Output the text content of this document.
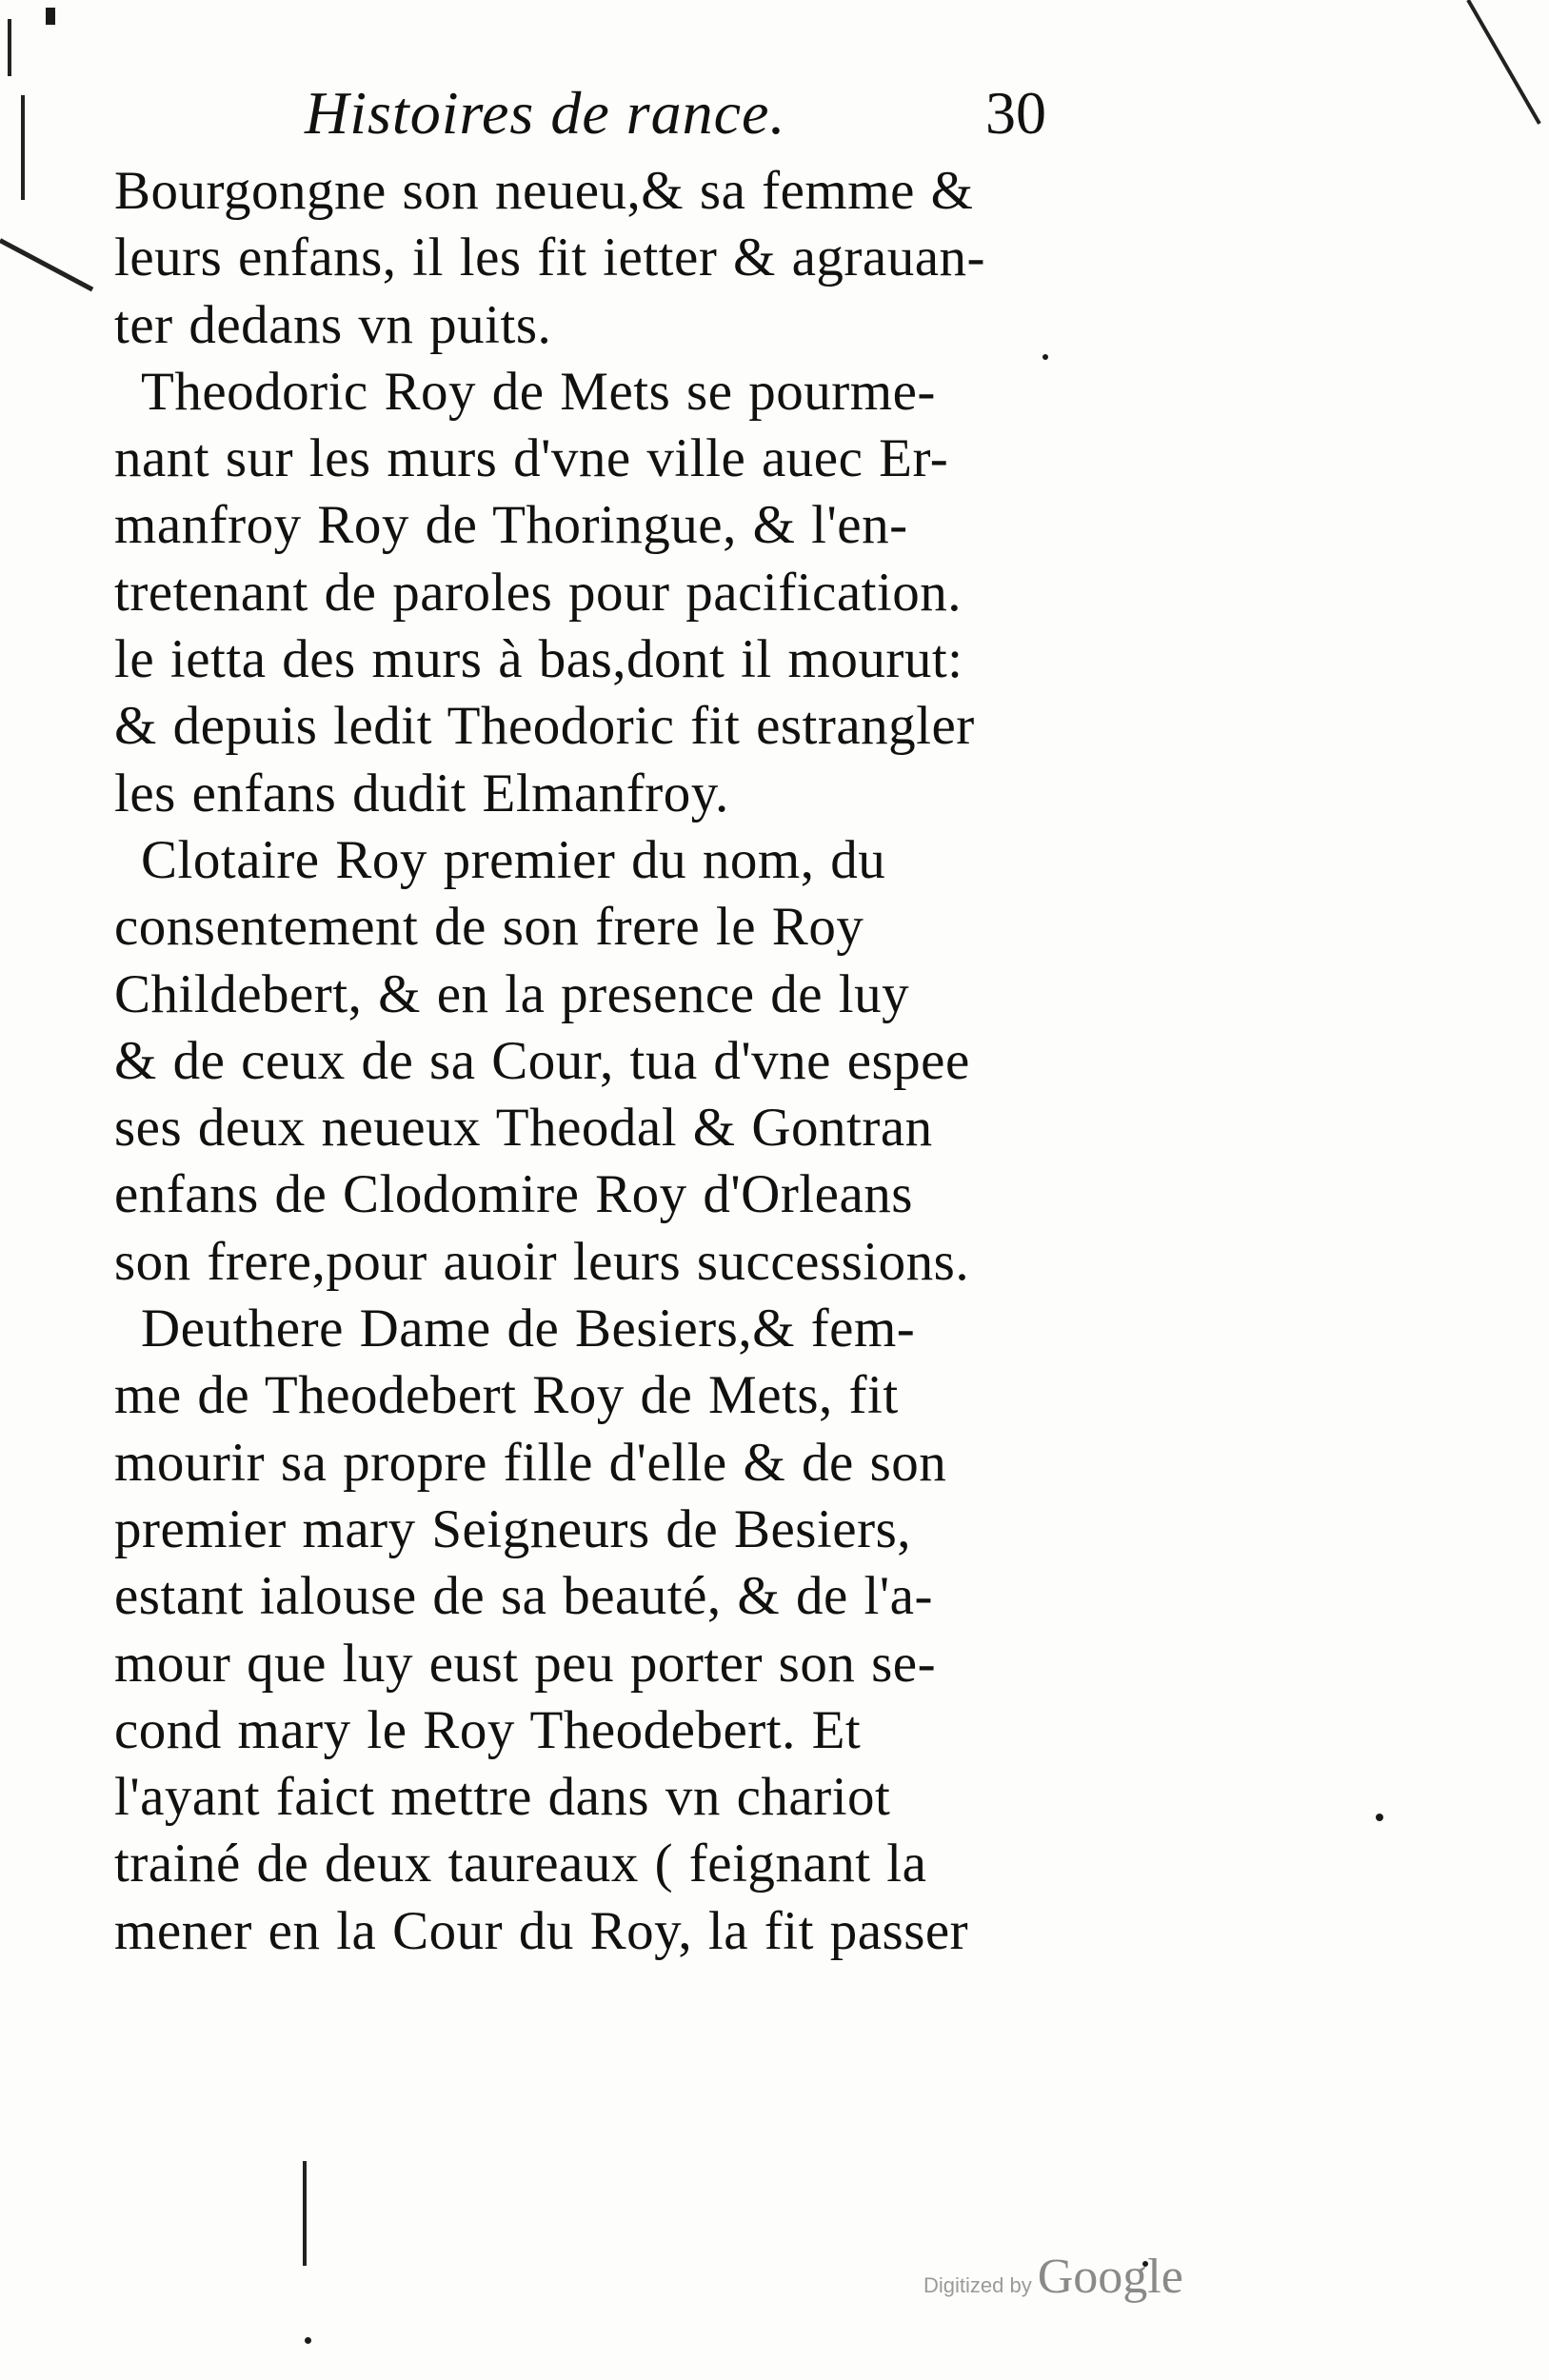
Histoires de rance.	30
Bourgongne son neueu,& sa femme &
leurs enfans, il les fit ietter & agrauan-
ter dedans vn puits.
Theodoric Roy de Mets se pourme-
nant sur les murs d'vne ville auec Er-
manfroy Roy de Thoringue, & l'en-
tretenant de paroles pour pacification.
le ietta des murs à bas,dont il mourut:
& depuis ledit Theodoric fit estrangler
les enfans dudit Elmanfroy.
Clotaire Roy premier du nom, du
consentement de son frere le Roy
Childebert, & en la presence de luy
& de ceux de sa Cour, tua d'vne espee
ses deux neueux Theodal & Gontran
enfans de Clodomire Roy d'Orleans
son frere,pour auoir leurs successions.
Deuthere Dame de Besiers,& fem-
me de Theodebert Roy de Mets, fit
mourir sa propre fille d'elle & de son
premier mary Seigneurs de Besiers,
estant ialouse de sa beauté, & de l'a-
mour que luy eust peu porter son se-
cond mary le Roy Theodebert. Et
l'ayant faict mettre dans vn chariot
trainé de deux taureaux ( feignant la
mener en la Cour du Roy, la fit passer
Digitized by Google
